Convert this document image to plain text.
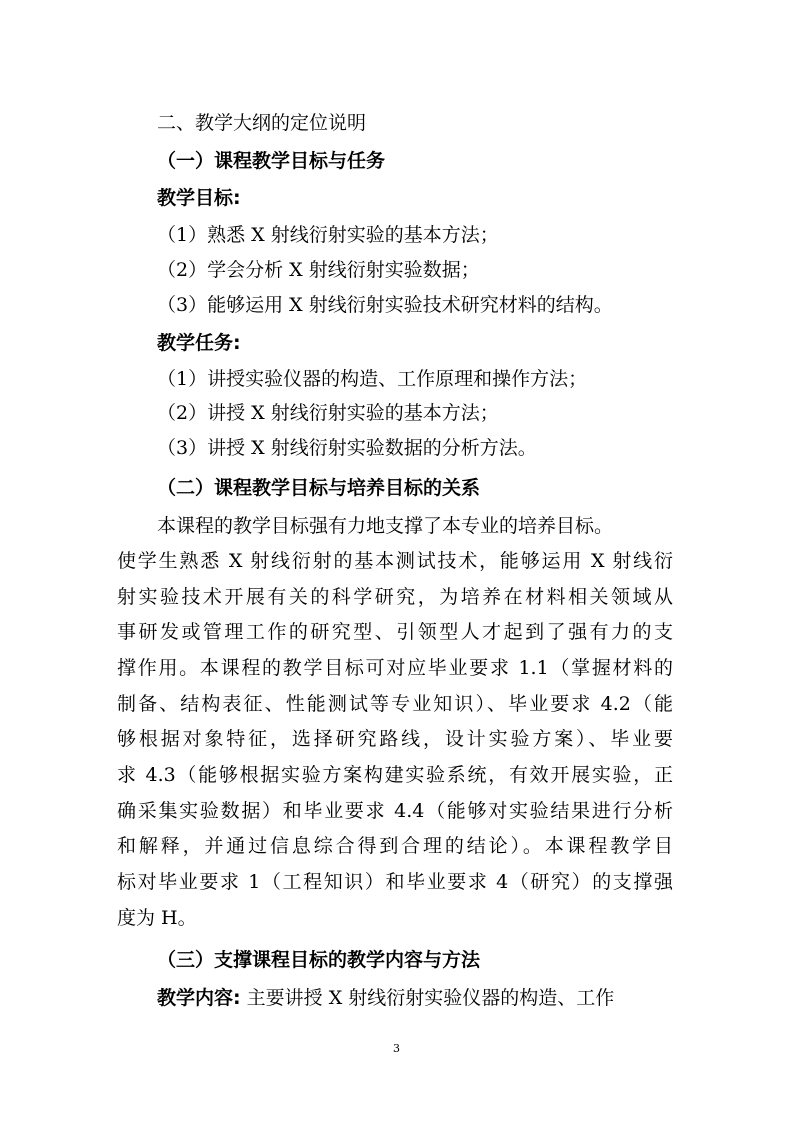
二、教学大纲的定位说明
（一）课程教学目标与任务
教学目标:
（1）熟悉 X 射线衍射实验的基本方法；
（2）学会分析 X 射线衍射实验数据；
（3）能够运用 X 射线衍射实验技术研究材料的结构。
教学任务:
（1）讲授实验仪器的构造、工作原理和操作方法；
（2）讲授 X 射线衍射实验的基本方法；
（3）讲授 X 射线衍射实验数据的分析方法。
（二）课程教学目标与培养目标的关系
本课程的教学目标强有力地支撑了本专业的培养目标。
使学生熟悉 X 射线衍射的基本测试技术，能够运用 X 射线衍
射实验技术开展有关的科学研究，为培养在材料相关领域从
事研发或管理工作的研究型、引领型人才起到了强有力的支
撑作用。本课程的教学目标可对应毕业要求 1.1（掌握材料的
制备、结构表征、性能测试等专业知识）、毕业要求 4.2（能
够根据对象特征，选择研究路线，设计实验方案）、毕业要
求 4.3（能够根据实验方案构建实验系统，有效开展实验，正
确采集实验数据）和毕业要求 4.4（能够对实验结果进行分析
和解释，并通过信息综合得到合理的结论）。本课程教学目
标对毕业要求 1（工程知识）和毕业要求 4（研究）的支撑强
度为 H。
（三）支撑课程目标的教学内容与方法
教学内容: 主要讲授 X 射线衍射实验仪器的构造、工作
3
